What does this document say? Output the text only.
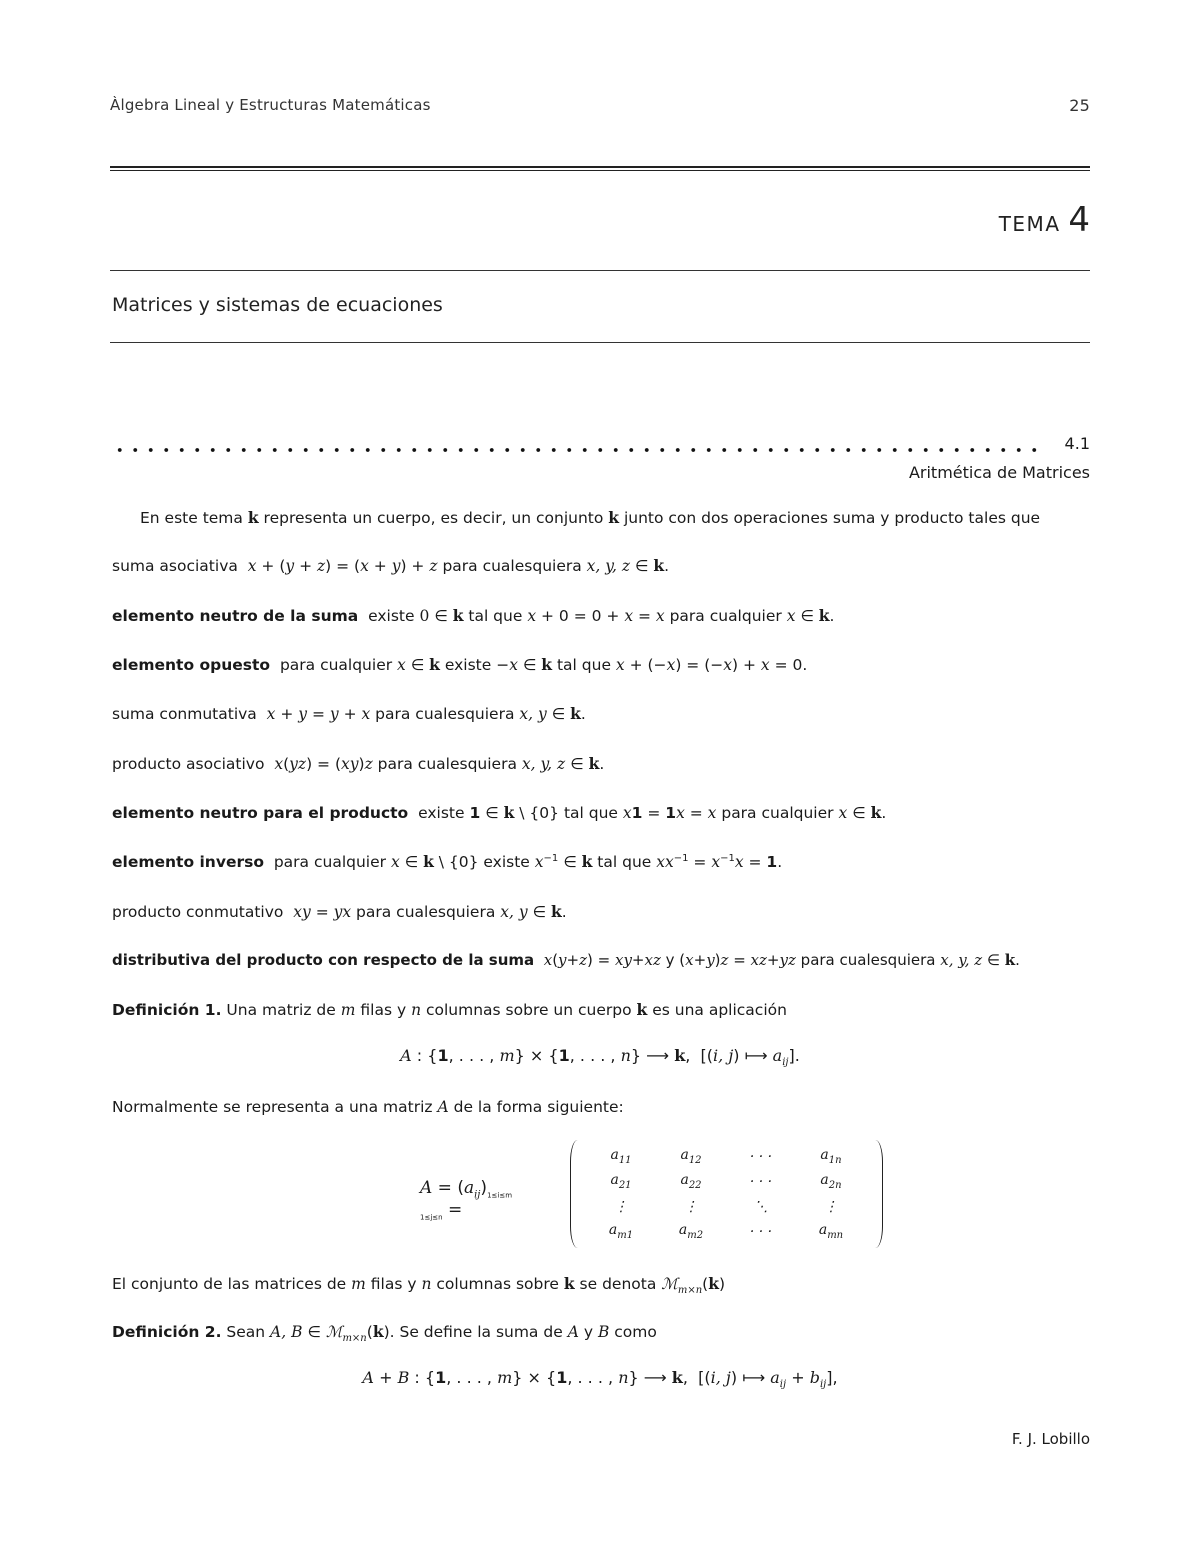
Àlgebra Lineal y Estructuras Matemáticas	25
TEMA 4
Matrices y sistemas de ecuaciones
4.1
Aritmética de Matrices
En este tema k representa un cuerpo, es decir, un conjunto k junto con dos operaciones suma y producto tales que
suma asociativa x + (y + z) = (x + y) + z para cualesquiera x, y, z ∈ k.
elemento neutro de la suma existe 0 ∈ k tal que x + 0 = 0 + x = x para cualquier x ∈ k.
elemento opuesto para cualquier x ∈ k existe −x ∈ k tal que x + (−x) = (−x) + x = 0.
suma conmutativa x + y = y + x para cualesquiera x, y ∈ k.
producto asociativo x(yz) = (xy)z para cualesquiera x, y, z ∈ k.
elemento neutro para el producto existe 1 ∈ k \ {0} tal que x1 = 1x = x para cualquier x ∈ k.
elemento inverso para cualquier x ∈ k \ {0} existe $x^{-1}$ ∈ k tal que $xx^{-1} = x^{-1}x = 1$.
producto conmutativo xy = yx para cualesquiera x, y ∈ k.
distributiva del producto con respecto de la suma x(y+z) = xy+xz y (x+y)z = xz+yz para cualesquiera x, y, z ∈ k.
Definición 1. Una matriz de m filas y n columnas sobre un cuerpo k es una aplicación
A : {1, . . . , m} × {1, . . . , n} ⟶ k,  [(i, j) ⟼ $a_{ij}$].
Normalmente se representa a una matriz A de la forma siguiente:
$A = (a_{ij})_{1\le i\le m 1\le j\le n}$ =
$a_{11}$	$a_{12}$	· · ·	$a_{1n}$
$a_{21}$	$a_{22}$	· · ·	$a_{2n}$
⋮	⋮	⋱	⋮
$a_{m1}$	$a_{m2}$	· · ·	$a_{mn}$
El conjunto de las matrices de m filas y n columnas sobre k se denota ℳ$_{m\times n}$(k)
Definición 2. Sean A, B ∈ ℳ$_{m\times n}$(k). Se define la suma de A y B como
A + B : {1, . . . , m} × {1, . . . , n} ⟶ k,  [(i, j) ⟼ $a_{ij} + b_{ij}$],
F. J. Lobillo
